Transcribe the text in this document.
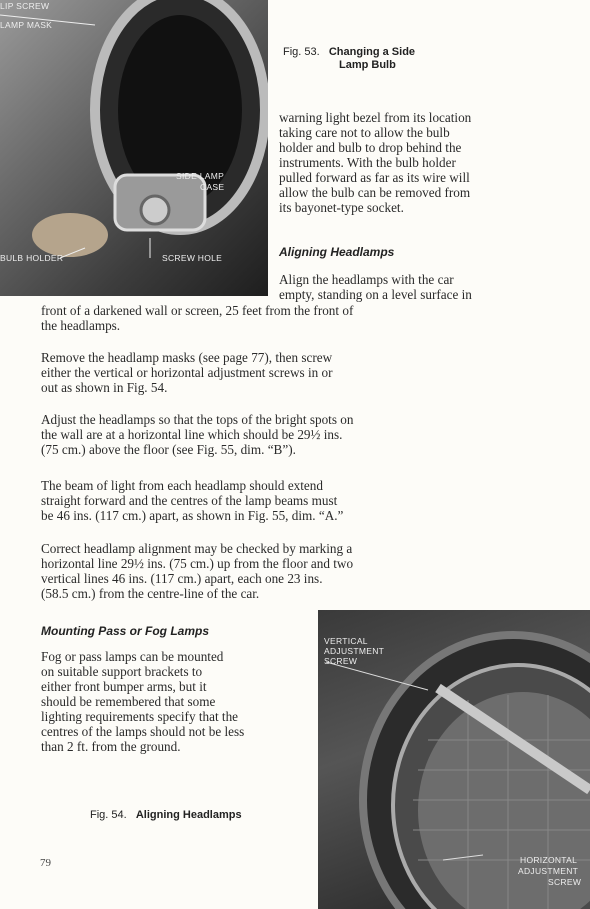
LIP SCREW
LAMP MASK
SIDE LAMP
CASE
BULB HOLDER	SCREW HOLE
Fig. 53. Changing a Side
Lamp Bulb
warning light bezel from its location
taking care not to allow the bulb
holder and bulb to drop behind the
instruments. With the bulb holder
pulled forward as far as its wire will
allow the bulb can be removed from
its bayonet-type socket.
Aligning Headlamps
Align the headlamps with the car
empty, standing on a level surface in
front of a darkened wall or screen, 25 feet from the front of
the headlamps.
Remove the headlamp masks (see page 77), then screw
either the vertical or horizontal adjustment screws in or
out as shown in Fig. 54.
Adjust the headlamps so that the tops of the bright spots on
the wall are at a horizontal line which should be 29½ ins.
(75 cm.) above the floor (see Fig. 55, dim. “B”).
The beam of light from each headlamp should extend
straight forward and the centres of the lamp beams must
be 46 ins. (117 cm.) apart, as shown in Fig. 55, dim. “A.”
Correct headlamp alignment may be checked by marking a
horizontal line 29½ ins. (75 cm.) up from the floor and two
vertical lines 46 ins. (117 cm.) apart, each one 23 ins.
(58.5 cm.) from the centre-line of the car.
Mounting Pass or Fog Lamps
Fog or pass lamps can be mounted
on suitable support brackets to
either front bumper arms, but it
should be remembered that some
lighting requirements specify that the
centres of the lamps should not be less
than 2 ft. from the ground.
Fig. 54. Aligning Headlamps
79
VERTICAL
ADJUSTMENT
SCREW
HORIZONTAL
ADJUSTMENT
SCREW
